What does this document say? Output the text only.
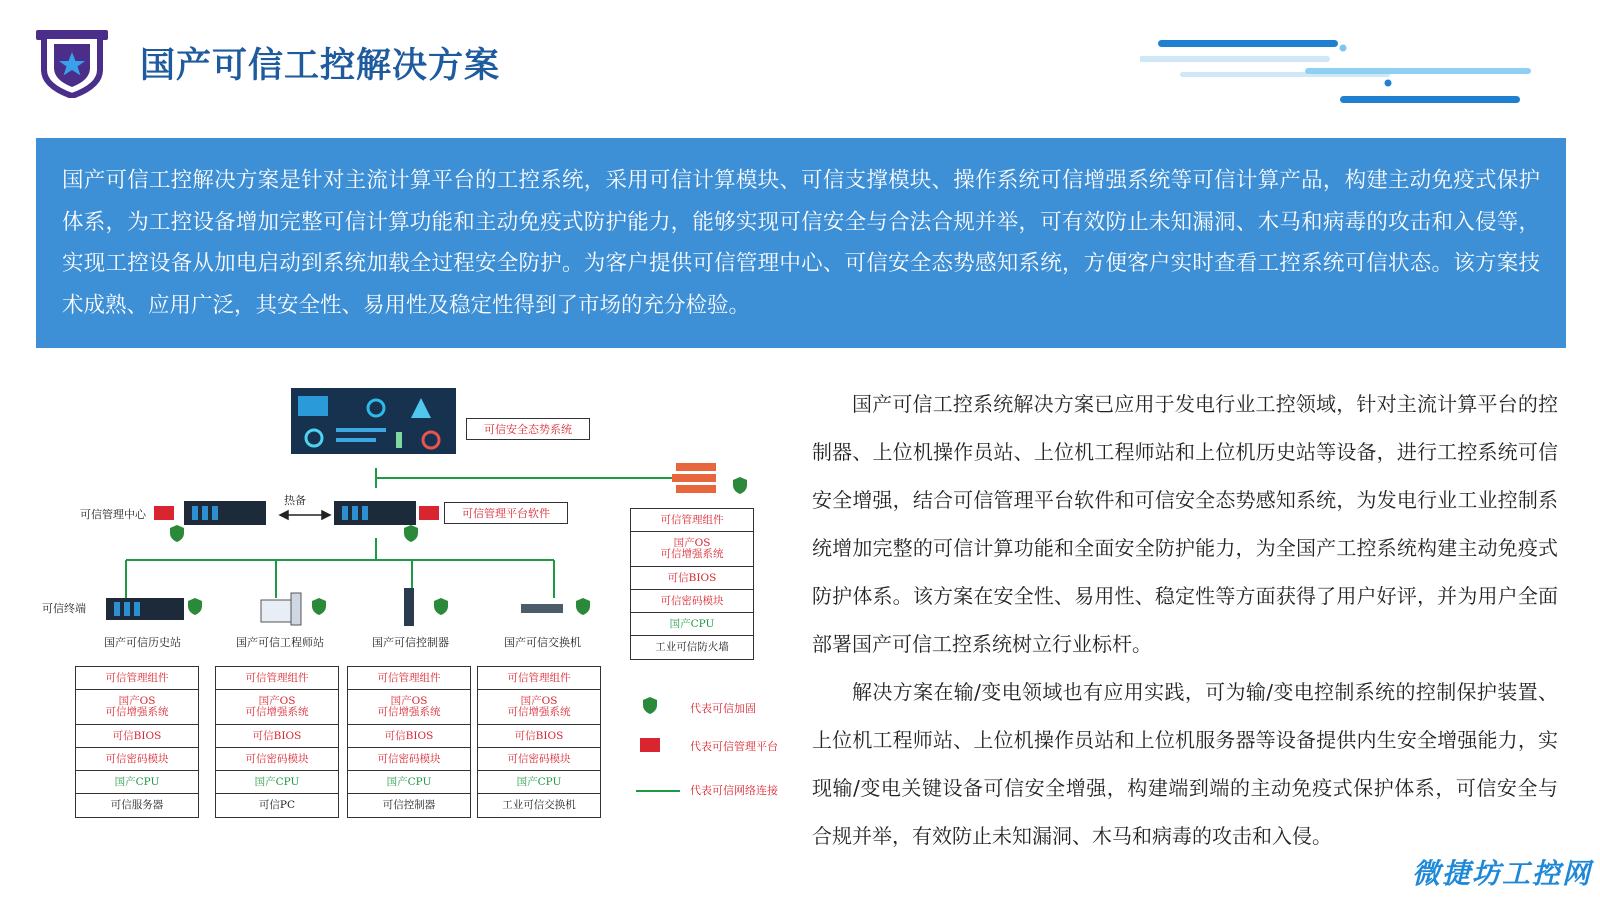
国产可信工控解决方案

国产可信工控解决方案是针对主流计算平台的工控系统，采用可信计算模块、可信支撑模块、操作系统可信增强系统等可信计算产品，构建主动免疫式保护体系，为工控设备增加完整可信计算功能和主动免疫式防护能力，能够实现可信安全与合法合规并举，可有效防止未知漏洞、木马和病毒的攻击和入侵等，实现工控设备从加电启动到系统加载全过程安全防护。为客户提供可信管理中心、可信安全态势感知系统，方便客户实时查看工控系统可信状态。该方案技术成熟、应用广泛，其安全性、易用性及稳定性得到了市场的充分检验。

可信安全态势系统
可信管理中心
热备
可信管理平台软件
可信终端
国产可信历史站	国产可信工程师站	国产可信控制器	国产可信交换机
可信管理组件
国产OS
可信增强系统
可信BIOS
可信密码模块
国产CPU
工业可信防火墙
可信管理组件
国产OS
可信增强系统
可信BIOS
可信密码模块
国产CPU
可信服务器
可信管理组件
国产OS
可信增强系统
可信BIOS
可信密码模块
国产CPU
可信PC
可信管理组件
国产OS
可信增强系统
可信BIOS
可信密码模块
国产CPU
可信控制器
可信管理组件
国产OS
可信增强系统
可信BIOS
可信密码模块
国产CPU
工业可信交换机
代表可信加固
代表可信管理平台
代表可信网络连接

国产可信工控系统解决方案已应用于发电行业工控领域，针对主流计算平台的控制器、上位机操作员站、上位机工程师站和上位机历史站等设备，进行工控系统可信安全增强，结合可信管理平台软件和可信安全态势感知系统，为发电行业工业控制系统增加完整的可信计算功能和全面安全防护能力，为全国产工控系统构建主动免疫式防护体系。该方案在安全性、易用性、稳定性等方面获得了用户好评，并为用户全面部署国产可信工控系统树立行业标杆。

解决方案在输/变电领域也有应用实践，可为输/变电控制系统的控制保护装置、上位机工程师站、上位机操作员站和上位机服务器等设备提供内生安全增强能力，实现输/变电关键设备可信安全增强，构建端到端的主动免疫式保护体系，可信安全与合规并举，有效防止未知漏洞、木马和病毒的攻击和入侵。

微捷坊工控网
